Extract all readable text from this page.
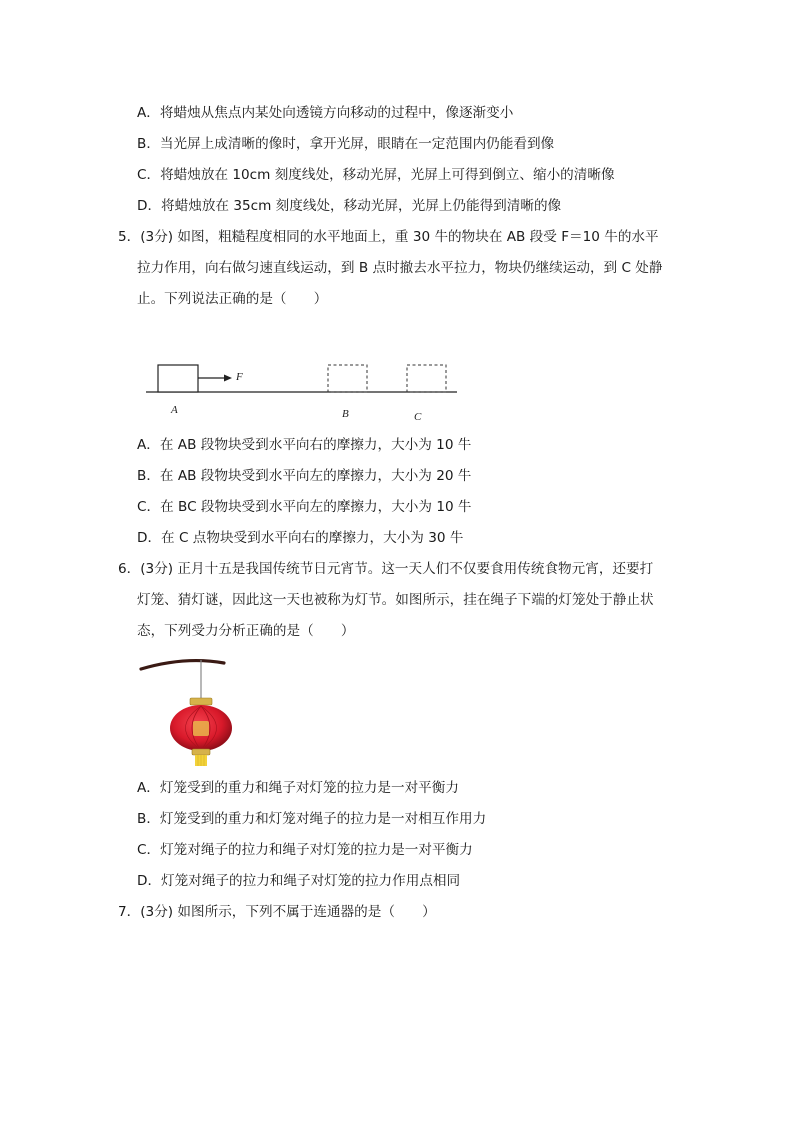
A．将蜡烛从焦点内某处向透镜方向移动的过程中，像逐渐变小
B．当光屏上成清晰的像时，拿开光屏，眼睛在一定范围内仍能看到像
C．将蜡烛放在 10cm 刻度线处，移动光屏，光屏上可得到倒立、缩小的清晰像
D．将蜡烛放在 35cm 刻度线处，移动光屏，光屏上仍能得到清晰的像
5．(3分) 如图，粗糙程度相同的水平地面上，重 30 牛的物块在 AB 段受 F＝10 牛的水平
拉力作用，向右做匀速直线运动，到 B 点时撤去水平拉力，物块仍继续运动，到 C 处静
止。下列说法正确的是（　　）
F
A	B	C
A．在 AB 段物块受到水平向右的摩擦力，大小为 10 牛
B．在 AB 段物块受到水平向左的摩擦力，大小为 20 牛
C．在 BC 段物块受到水平向左的摩擦力，大小为 10 牛
D．在 C 点物块受到水平向右的摩擦力，大小为 30 牛
6．(3分) 正月十五是我国传统节日元宵节。这一天人们不仅要食用传统食物元宵，还要打
灯笼、猜灯谜，因此这一天也被称为灯节。如图所示，挂在绳子下端的灯笼处于静止状
态，下列受力分析正确的是（　　）
A．灯笼受到的重力和绳子对灯笼的拉力是一对平衡力
B．灯笼受到的重力和灯笼对绳子的拉力是一对相互作用力
C．灯笼对绳子的拉力和绳子对灯笼的拉力是一对平衡力
D．灯笼对绳子的拉力和绳子对灯笼的拉力作用点相同
7．(3分) 如图所示，下列不属于连通器的是（　　）
